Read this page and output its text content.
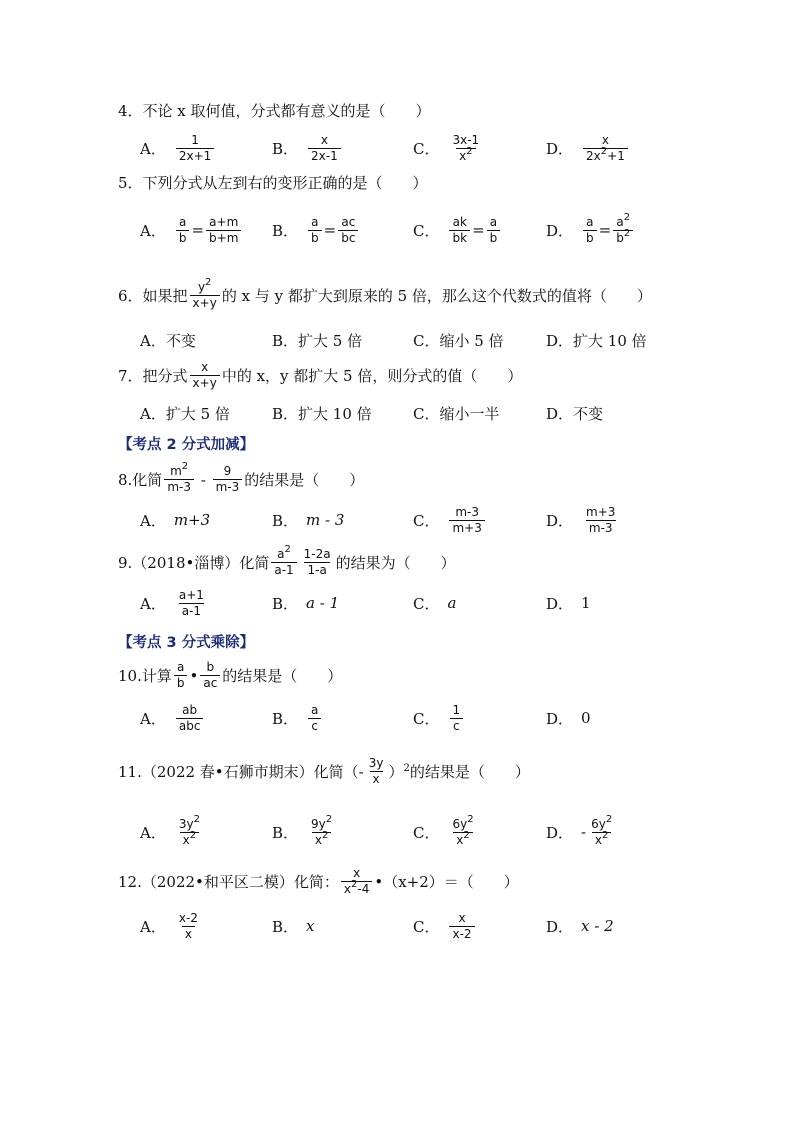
4．不论 x 取何值，分式都有意义的是（　　）
A． $\frac{1}{2x+1}$	B． $\frac{x}{2x-1}$	C． $\frac{3x-1}{x^2}$	D． $\frac{x}{2x^2+1}$
5．下列分式从左到右的变形正确的是（　　）
A． $\frac{a}{b} = \frac{a+m}{b+m}$ B． $\frac{a}{b} = \frac{ac}{bc}$	C． $\frac{ak}{bk} = \frac{a}{b}$	D． $\frac{a}{b} = \frac{a^2}{b^2}$
6．如果把 $\frac{y^2}{x+y}$ 的 x 与 y 都扩大到原来的 5 倍，那么这个代数式的值将（　　）
A．不变	B．扩大 5 倍	C．缩小 5 倍	D．扩大 10 倍
7．把分式 $\frac{x}{x+y}$ 中的 x，y 都扩大 5 倍，则分式的值（　　）
A．扩大 5 倍	B．扩大 10 倍	C．缩小一半	D．不变
【考点 2 分式加减】
8.化简 $\frac{m^2}{m-3} - \frac{9}{m-3}$ 的结果是（　　）
A． m+3	B． m - 3	C． $\frac{m-3}{m+3}$	D． $\frac{m+3}{m-3}$
9.（2018•淄博）化简 $\frac{a^2}{a-1} \frac{1-2a}{1-a}$ 的结果为（　　）
A． $\frac{a+1}{a-1}$	B． a - 1	C． a	D． 1
【考点 3 分式乘除】
10.计算 $\frac{a}{b}$ • $\frac{b}{ac}$ 的结果是（　　）
A． $\frac{ab}{\text{abc}}$	B． $\frac{a}{c}$	C． $\frac{1}{c}$	D． 0
11.（2022 春•石狮市期末）化简（- $\frac{3y}{x} )^2$的结果是（　　）
A． $\frac{3y^2}{x^2}$	B． $\frac{9y^2}{x^2}$	C． $\frac{6y^2}{x^2}$	D． - $\frac{6y^2}{x^2}$
12.（2022•和平区二模）化简： $\frac{x}{x^2-4}$ •（x+2）＝（　　）
A． $\frac{x-2}{x}$	B． x	C． $\frac{x}{x-2}$	D． x - 2
